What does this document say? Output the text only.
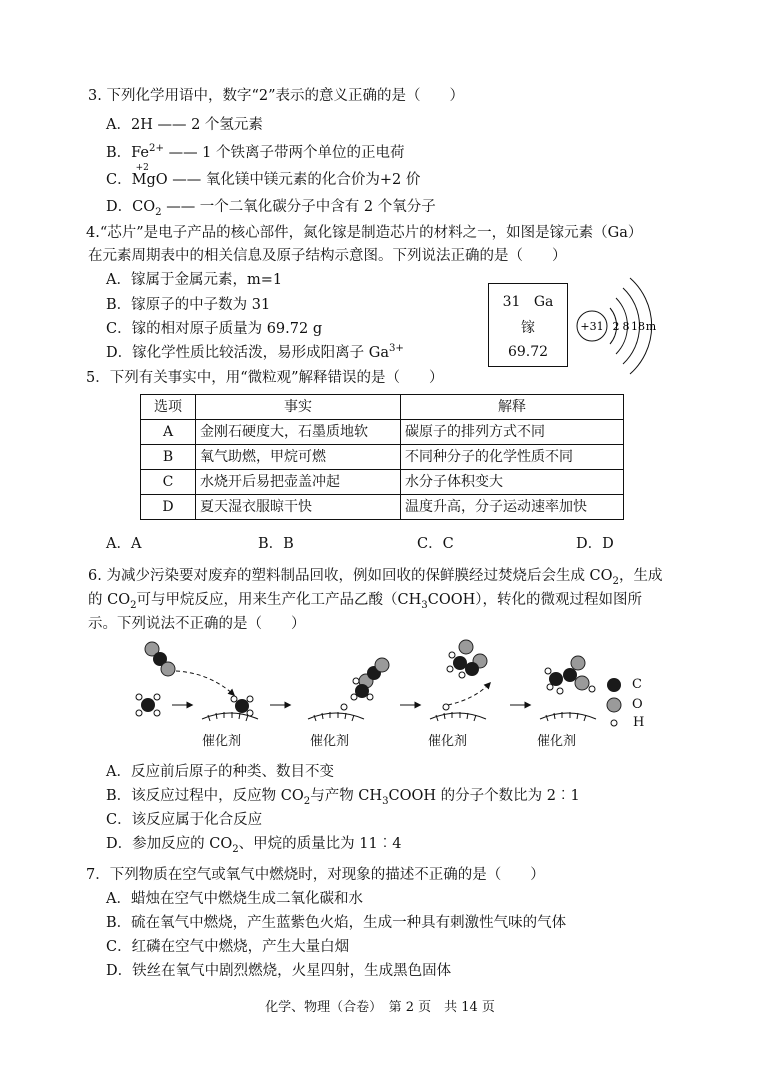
3. 下列化学用语中，数字“2”表示的意义正确的是（　　）
A．2H —— 2 个氢元素
B．$Fe^{2+}$ —— 1 个铁离子带两个单位的正电荷
C．
+2
MgO —— 氧化镁中镁元素的化合价为+2 价
D．$CO_2$ —— 一个二氧化碳分子中含有 2 个氧分子
4.“芯片”是电子产品的核心部件，氮化镓是制造芯片的材料之一，如图是镓元素（Ga）
在元素周期表中的相关信息及原子结构示意图。下列说法正确的是（　　）
A．镓属于金属元素，m=1
B．镓原子的中子数为 31
C．镓的相对原子质量为 69.72 g
D．镓化学性质比较活泼，易形成阳离子 $Ga^{3+}$
31 Ga
镓
69.72
+31 2 8 18 m
5．下列有关事实中，用“微粒观”解释错误的是（　　）
选项	事实	解释
A	金刚石硬度大，石墨质地软	碳原子的排列方式不同
B	氧气助燃，甲烷可燃	不同种分子的化学性质不同
C	水烧开后易把壶盖冲起	水分子体积变大
D	夏天湿衣服晾干快	温度升高，分子运动速率加快
A．A	B．B	C．C	D．D
6. 为减少污染要对废弃的塑料制品回收，例如回收的保鲜膜经过焚烧后会生成 $CO_2$，生成
的 $CO_2$可与甲烷反应，用来生产化工产品乙酸$(CH_3COOH)$，转化的微观过程如图所
示。下列说法不正确的是（　　）
C
O
H
催化剂	催化剂	催化剂	催化剂
A．反应前后原子的种类、数目不变
B．该反应过程中，反应物 $CO_2$与产物 $CH_3COOH$ 的分子个数比为 2︰1
C．该反应属于化合反应
D．参加反应的 $CO_2$、甲烷的质量比为 11︰4
7．下列物质在空气或氧气中燃烧时，对现象的描述不正确的是（　　）
A．蜡烛在空气中燃烧生成二氧化碳和水
B．硫在氧气中燃烧，产生蓝紫色火焰，生成一种具有刺激性气味的气体
C．红磷在空气中燃烧，产生大量白烟
D．铁丝在氧气中剧烈燃烧，火星四射，生成黑色固体
化学、物理（合卷）　第 2 页　共 14 页
